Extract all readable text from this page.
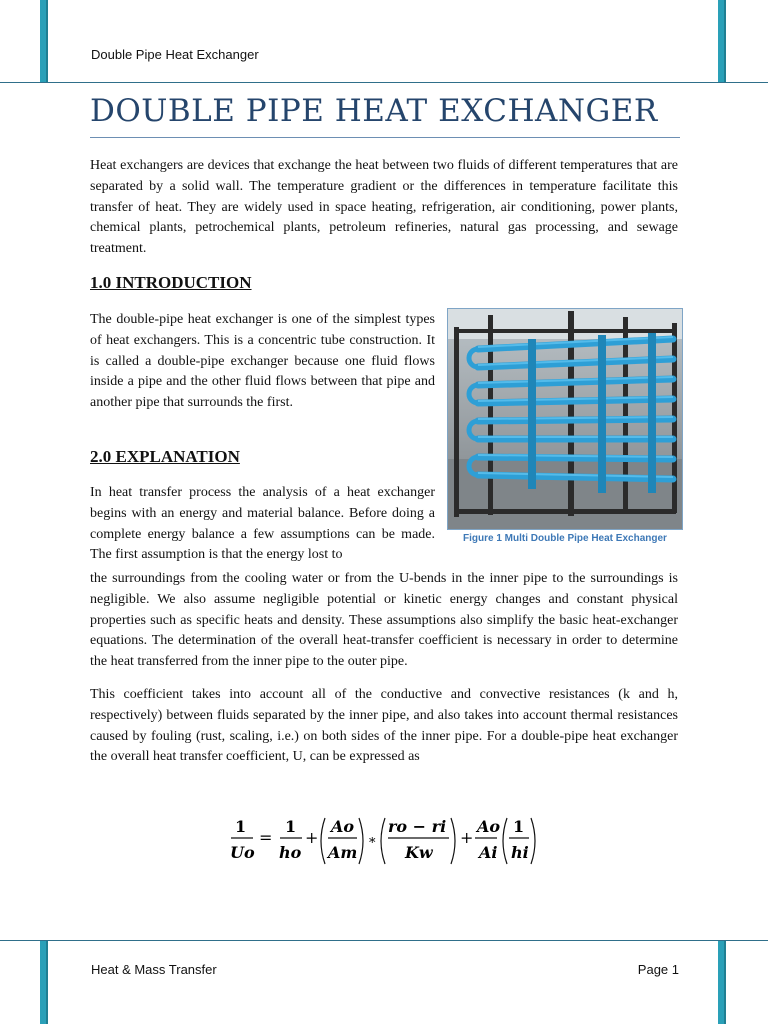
Double Pipe Heat Exchanger
DOUBLE PIPE HEAT EXCHANGER

Heat exchangers are devices that exchange the heat between two fluids of different temperatures that are separated by a solid wall. The temperature gradient or the differences in temperature facilitate this transfer of heat. They are widely used in space heating, refrigeration, air conditioning, power plants, chemical plants, petrochemical plants, petroleum refineries, natural gas processing, and sewage treatment.

1.0 INTRODUCTION

The double-pipe heat exchanger is one of the simplest types of heat exchangers. This is a concentric tube construction. It is called a double-pipe exchanger because one fluid flows inside a pipe and the other fluid flows between that pipe and another pipe that surrounds the first.

2.0 EXPLANATION

In heat transfer process the analysis of a heat exchanger begins with an energy and material balance. Before doing a complete energy balance a few assumptions can be made. The first assumption is that the energy lost to

the surroundings from the cooling water or from the U-bends in the inner pipe to the surroundings is negligible. We also assume negligible potential or kinetic energy changes and constant physical properties such as specific heats and density. These assumptions also simplify the basic heat-exchanger equations. The determination of the overall heat-transfer coefficient is necessary in order to determine the heat transferred from the inner pipe to the outer pipe.

This coefficient takes into account all of the conductive and convective resistances (k and h, respectively) between fluids separated by the inner pipe, and also takes into account thermal resistances caused by fouling (rust, scaling, i.e.) on both sides of the inner pipe. For a double-pipe heat exchanger the overall heat transfer coefficient, U, can be expressed as

Figure 1 Multi Double Pipe Heat Exchanger
1
Uo
=
1
ho
+
Ao
Am *
ro − ri
Kw
+
Ao
Ai
1
hi
Heat & Mass Transfer	Page 1
